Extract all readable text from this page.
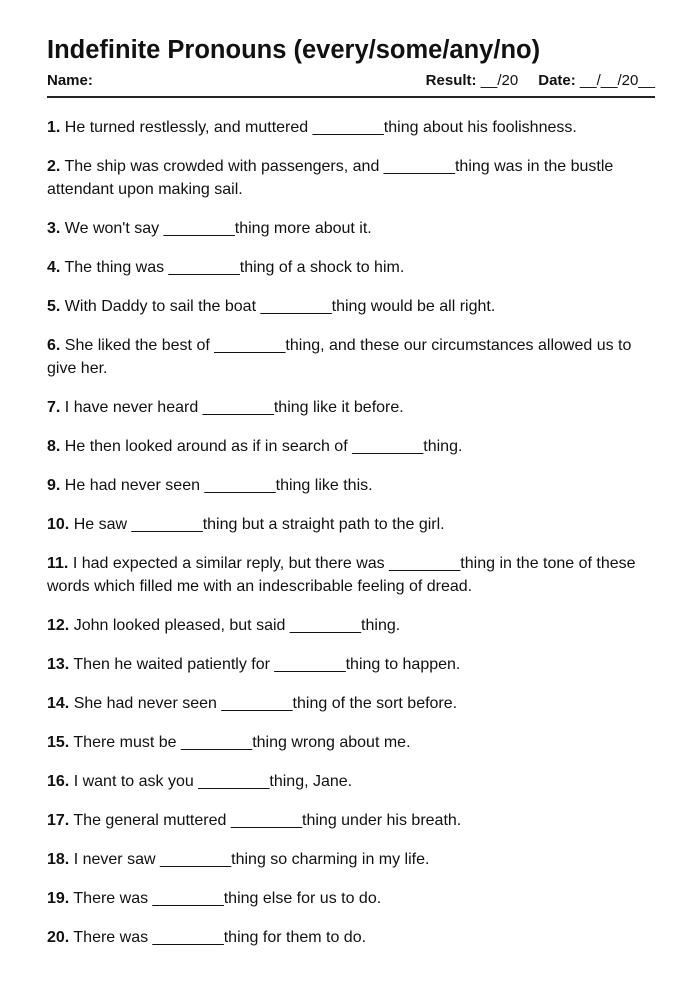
Indefinite Pronouns (every/some/any/no)
Name:	Result: __/20 Date: __/__/20__
1. He turned restlessly, and muttered ________thing about his foolishness.
2. The ship was crowded with passengers, and ________thing was in the bustle attendant upon making sail.
3. We won't say ________thing more about it.
4. The thing was ________thing of a shock to him.
5. With Daddy to sail the boat ________thing would be all right.
6. She liked the best of ________thing, and these our circumstances allowed us to give her.
7. I have never heard ________thing like it before.
8. He then looked around as if in search of ________thing.
9. He had never seen ________thing like this.
10. He saw ________thing but a straight path to the girl.
11. I had expected a similar reply, but there was ________thing in the tone of these words which filled me with an indescribable feeling of dread.
12. John looked pleased, but said ________thing.
13. Then he waited patiently for ________thing to happen.
14. She had never seen ________thing of the sort before.
15. There must be ________thing wrong about me.
16. I want to ask you ________thing, Jane.
17. The general muttered ________thing under his breath.
18. I never saw ________thing so charming in my life.
19. There was ________thing else for us to do.
20. There was ________thing for them to do.
